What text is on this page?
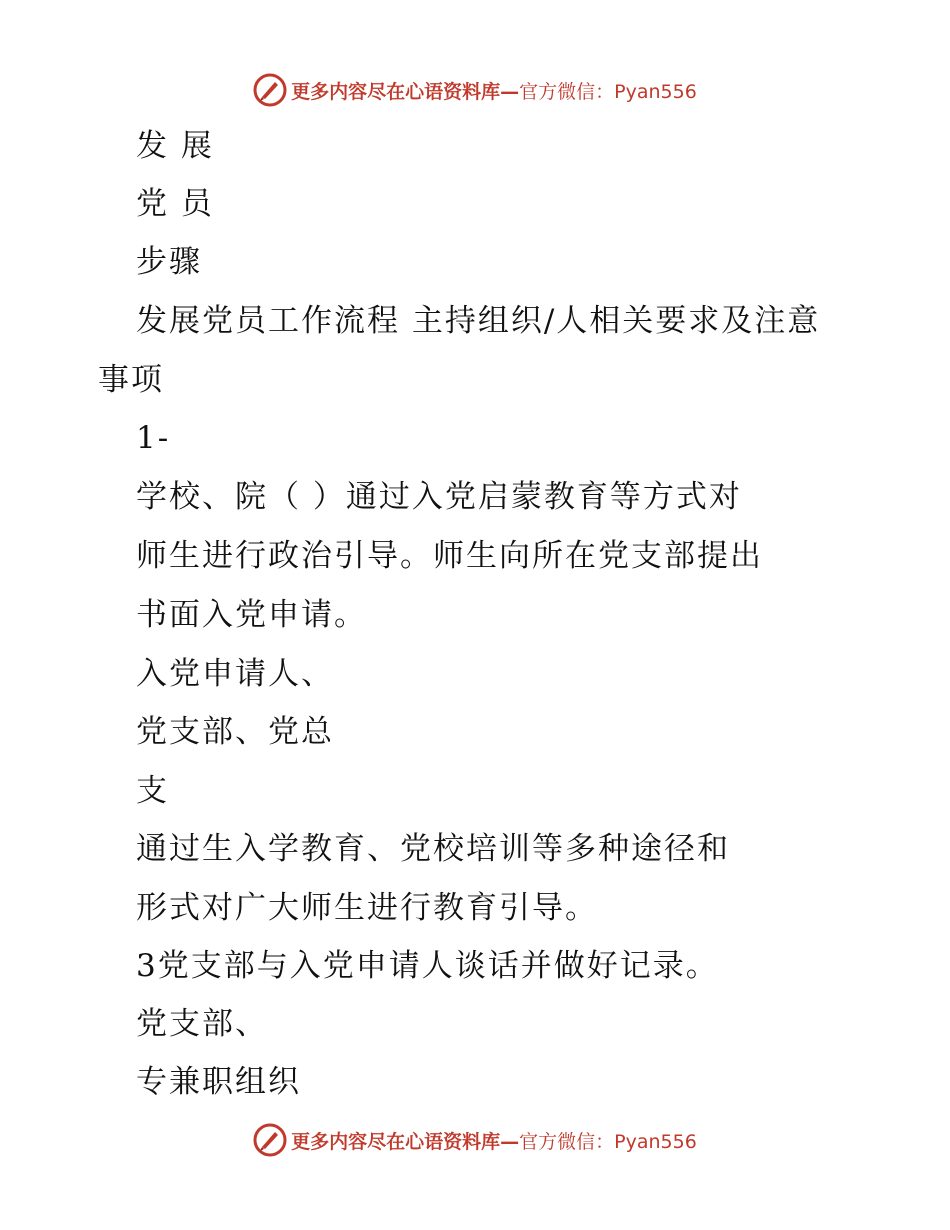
更多内容尽在心语资料库— 官方微信：Pyan556
发 展
党 员
步骤
发展党员工作流程 主持组织/人相关要求及注意
事项
1-
学校、院（ ）通过入党启蒙教育等方式对
师生进行政治引导。师生向所在党支部提出
书面入党申请。
入党申请人、
党支部、党总
支
通过生入学教育、党校培训等多种途径和
形式对广大师生进行教育引导。
3党支部与入党申请人谈话并做好记录。
党支部、
专兼职组织
更多内容尽在心语资料库— 官方微信：Pyan556
